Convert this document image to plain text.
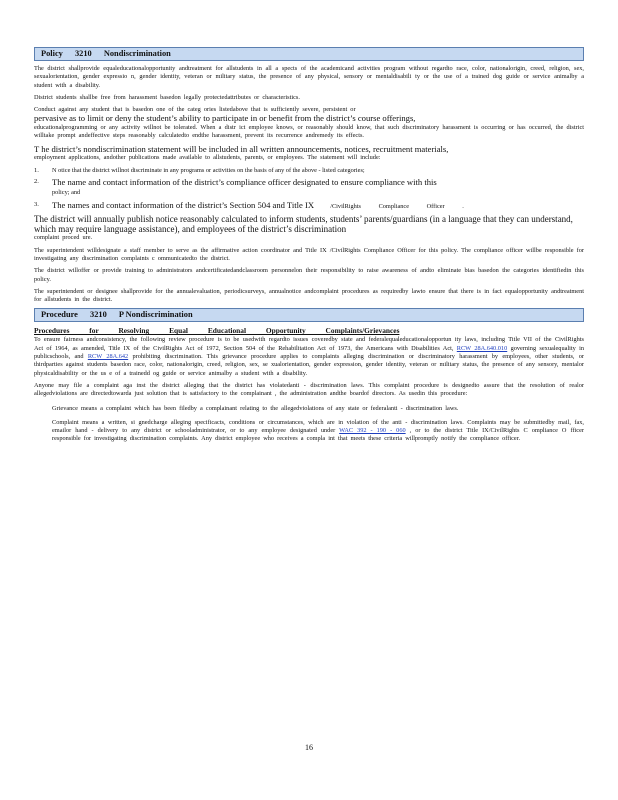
Policy 3210 Nondiscrimination

The district shallprovide equaleducationalopportunity andtreatment for allstudents in all a spects of the academicand activities program without regardto race, color, nationalorigin, creed, religion, sex, sexualorientation, gender expressio n, gender identity, veteran or military status, the presence of any physical, sensory or mentaldisabili ty or the use of a trained dog guide or service animalby a student with a disability.

District students shallbe free from harassment basedon legally protectedattributes or characteristics.

Conduct against any student that is basedon one of the categ ories listedabove that is sufficiently severe, persistent or

pervasive as to limit or deny the student’s ability to participate in or benefit from the district’s course offerings,

educationalprogramming or any activity willnot be tolerated. When a distr ict employee knows, or reasonably should know, that such discriminatory harassment is occurring or has occurred, the district willtake prompt andeffective steps reasonably calculatedto endthe harassment, prevent its recurrence andremedy its effects.

T he district’s nondiscrimination statement will be included in all written announcements, notices, recruitment materials,

employment applications, andother publications made available to allstudents, parents, or employees. The statement will include:

1.	N otice that the district willnot discriminate in any programs or activities on the basis of any of the above - listed categories;
2.	The name and contact information of the district’s compliance officer designated to ensure compliance with this
policy; and
3.	The names and contact information of the district’s Section 504 and Title IX	/CivilRights Compliance Officer .

The district will annually publish notice reasonably calculated to inform students, students’ parents/guardians (in a language that they can understand, which may require language assistance), and employees of the district’s discrimination

complaint proced ure.

The superintendent willdesignate a staff member to serve as the affirmative action coordinator and Title IX /CivilRights Compliance Officer for this policy. The compliance officer willbe responsible for investigating any discrimination complaints c ommunicatedto the district.

The district willoffer or provide training to administrators andcertificatedandclassroom personnelon their responsibility to raise awareness of andto eliminate bias basedon the categories identifiedin this policy.

The superintendent or designee shallprovide for the annualevaluation, periodicsurveys, annualnotice andcomplaint procedures as requiredby lawto ensure that there is in fact equalopportunity andtreatment for allstudents in the district.

Procedure 3210 P Nondiscrimination
Procedures for Resolving Equal Educational Opportunity Complaints/Grievances

To ensure fairness andconsistency, the following review procedure is to be usedwith regardto issues coveredby state and federalequaleducationalopportun ity laws, including Title VII of the CivilRights Act of 1964, as amended, Title IX of the CivilRights Act of 1972, Section 504 of the Rehabilitation Act of 1973, the Americans with Disabilities Act, RCW 28A.640.010 governing sexualequality in publicschools, and RCW 28A.642 prohibiting discrimination. This grievance procedure applies to complaints alleging discrimination or discriminatory harassment by employees, other students, or thirdparties against students basedon race, color, nationalorigin, creed, religion, sex, se xualorientation, gender expression, gender identity, veteran or military status, the presence of any sensory, mentalor physicaldisability or the us e of a trainedd og guide or service animalby a student with a disability.

Anyone may file a complaint aga inst the district alleging that the district has violatedanti - discrimination laws. This complaint procedure is designedto assure that the resolution of realor allegedviolations are directedtowarda just solution that is satisfactory to the complainant , the administration andthe boardof directors. As usedin this procedure:

Grievance means a complaint which has been filedby a complainant relating to the allegedviolations of any state or federalanti - discrimination laws.

Complaint means a written, si gnedcharge alleging specificacts, conditions or circumstances, which are in violation of the anti - discrimination laws. Complaints may be submittedby mail, fax, emailor hand - delivery to any district or schooladministrator, or to any employee designated under WAC 392 - 190 - 060 , or to the district Title IX/CivilRights C ompliance O fficer responsible for investigating discrimination complaints. Any district employee who receives a compla int that meets these criteria willpromptly notify the compliance officer.

16
